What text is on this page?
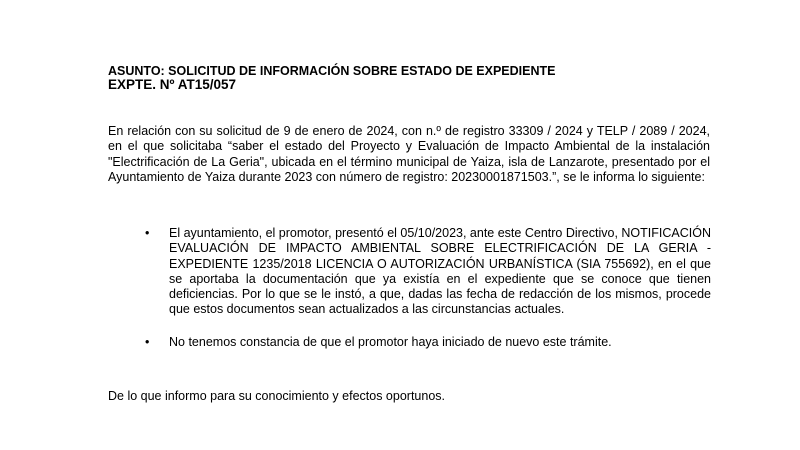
ASUNTO: SOLICITUD DE INFORMACIÓN SOBRE ESTADO DE EXPEDIENTE
EXPTE. Nº AT15/057
En relación con su solicitud de 9 de enero de 2024, con n.º de registro 33309 / 2024 y TELP / 2089 / 2024, en el que solicitaba “saber el estado del Proyecto y Evaluación de Impacto Ambiental de la instalación "Electrificación de La Geria", ubicada en el término municipal de Yaiza, isla de Lanzarote, presentado por el Ayuntamiento de Yaiza durante 2023 con número de registro: 20230001871503.”, se le informa lo siguiente:
• El ayuntamiento, el promotor, presentó el 05/10/2023, ante este Centro Directivo, NOTIFICACIÓN EVALUACIÓN DE IMPACTO AMBIENTAL SOBRE ELECTRIFICACIÓN DE LA GERIA -EXPEDIENTE 1235/2018 LICENCIA O AUTORIZACIÓN URBANÍSTICA (SIA 755692), en el que se aportaba la documentación que ya existía en el expediente que se conoce que tienen deficiencias. Por lo que se le instó, a que, dadas las fecha de redacción de los mismos, procede que estos documentos sean actualizados a las circunstancias actuales.
• No tenemos constancia de que el promotor haya iniciado de nuevo este trámite.
De lo que informo para su conocimiento y efectos oportunos.
